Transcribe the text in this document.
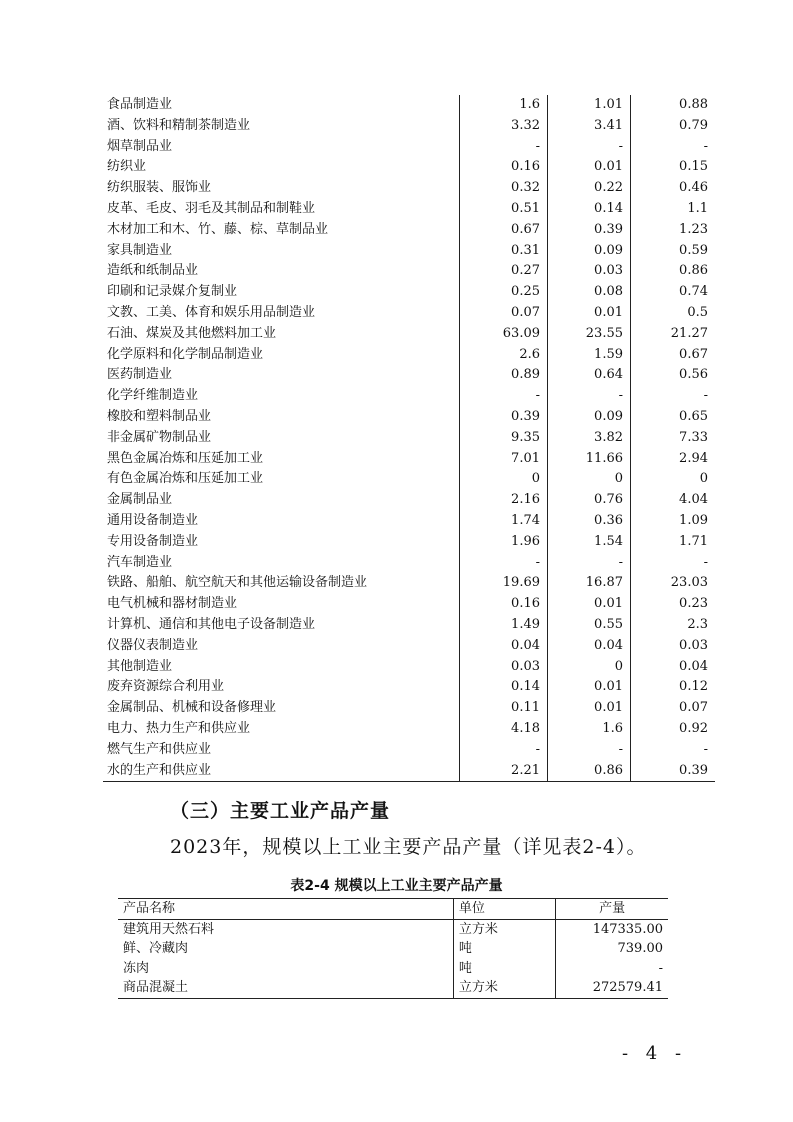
食品制造业	1.6	1.01	0.88
酒、饮料和精制茶制造业	3.32	3.41	0.79
烟草制品业	-	-	-
纺织业	0.16	0.01	0.15
纺织服装、服饰业	0.32	0.22	0.46
皮革、毛皮、羽毛及其制品和制鞋业	0.51	0.14	1.1
木材加工和木、竹、藤、棕、草制品业	0.67	0.39	1.23
家具制造业	0.31	0.09	0.59
造纸和纸制品业	0.27	0.03	0.86
印刷和记录媒介复制业	0.25	0.08	0.74
文教、工美、体育和娱乐用品制造业	0.07	0.01	0.5
石油、煤炭及其他燃料加工业	63.09	23.55	21.27
化学原料和化学制品制造业	2.6	1.59	0.67
医药制造业	0.89	0.64	0.56
化学纤维制造业	-	-	-
橡胶和塑料制品业	0.39	0.09	0.65
非金属矿物制品业	9.35	3.82	7.33
黑色金属冶炼和压延加工业	7.01	11.66	2.94
有色金属冶炼和压延加工业	0	0	0
金属制品业	2.16	0.76	4.04
通用设备制造业	1.74	0.36	1.09
专用设备制造业	1.96	1.54	1.71
汽车制造业	-	-	-
铁路、船舶、航空航天和其他运输设备制造业	19.69	16.87	23.03
电气机械和器材制造业	0.16	0.01	0.23
计算机、通信和其他电子设备制造业	1.49	0.55	2.3
仪器仪表制造业	0.04	0.04	0.03
其他制造业	0.03	0	0.04
废弃资源综合利用业	0.14	0.01	0.12
金属制品、机械和设备修理业	0.11	0.01	0.07
电力、热力生产和供应业	4.18	1.6	0.92
燃气生产和供应业	-	-	-
水的生产和供应业	2.21	0.86	0.39
（三）主要工业产品产量
2023年，规模以上工业主要产品产量（详见表2-4）。
表2-4 规模以上工业主要产品产量
产品名称	单位	产量
建筑用天然石料	立方米	147335.00
鲜、冷藏肉	吨	739.00
冻肉	吨	-
商品混凝土	立方米	272579.41
- 4 -
